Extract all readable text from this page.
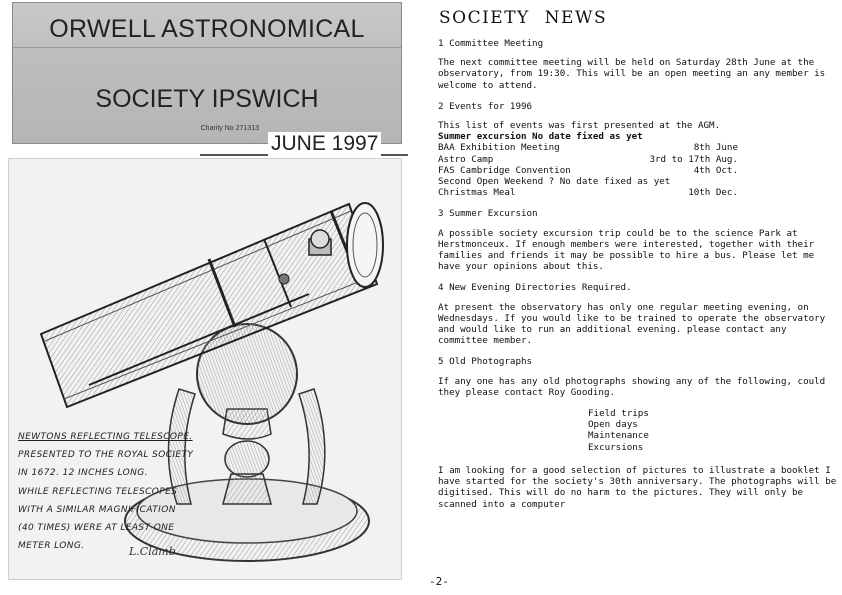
ORWELL ASTRONOMICAL
SOCIETY IPSWICH
Charity No 271313
JUNE 1997
NEWTONS REFLECTING TELESCOPE.
PRESENTED TO THE ROYAL SOCIETY
IN 1672. 12 INCHES LONG.
WHILE REFLECTING TELESCOPES
WITH A SIMILAR MAGNIFICATION
(40 TIMES) WERE AT LEAST ONE
METER LONG.	L.Clamb
SOCIETY NEWS
1 Committee Meeting
The next committee meeting will be held on Saturday 28th June at the observatory, from 19:30. This will be an open meeting an any member is welcome to attend.
2 Events for 1996
This list of events was first presented at the AGM.
Summer excursion No date fixed as yet
BAA Exhibition Meeting	8th June
Astro Camp	3rd to 17th Aug.
FAS Cambridge Convention	4th Oct.
Second Open Weekend ? No date fixed as yet
Christmas Meal	10th Dec.
3 Summer Excursion
A possible society excursion trip could be to the science Park at Herstmonceux. If enough members were interested, together with their families and friends it may be possible to hire a bus. Please let me have your opinions about this.
4 New Evening Directories Required.
At present the observatory has only one regular meeting evening, on Wednesdays. If you would like to be trained to operate the observatory and would like to run an additional evening. please contact any committee member.
5 Old Photographs
If any one has any old photographs showing any of the following, could they please contact Roy Gooding.
Field trips
Open days
Maintenance
Excursions
I am looking for a good selection of pictures to illustrate a booklet I have started for the society's 30th anniversary. The photographs will be digitised. This will do no harm to the pictures. They will only be scanned into a computer
-2-
